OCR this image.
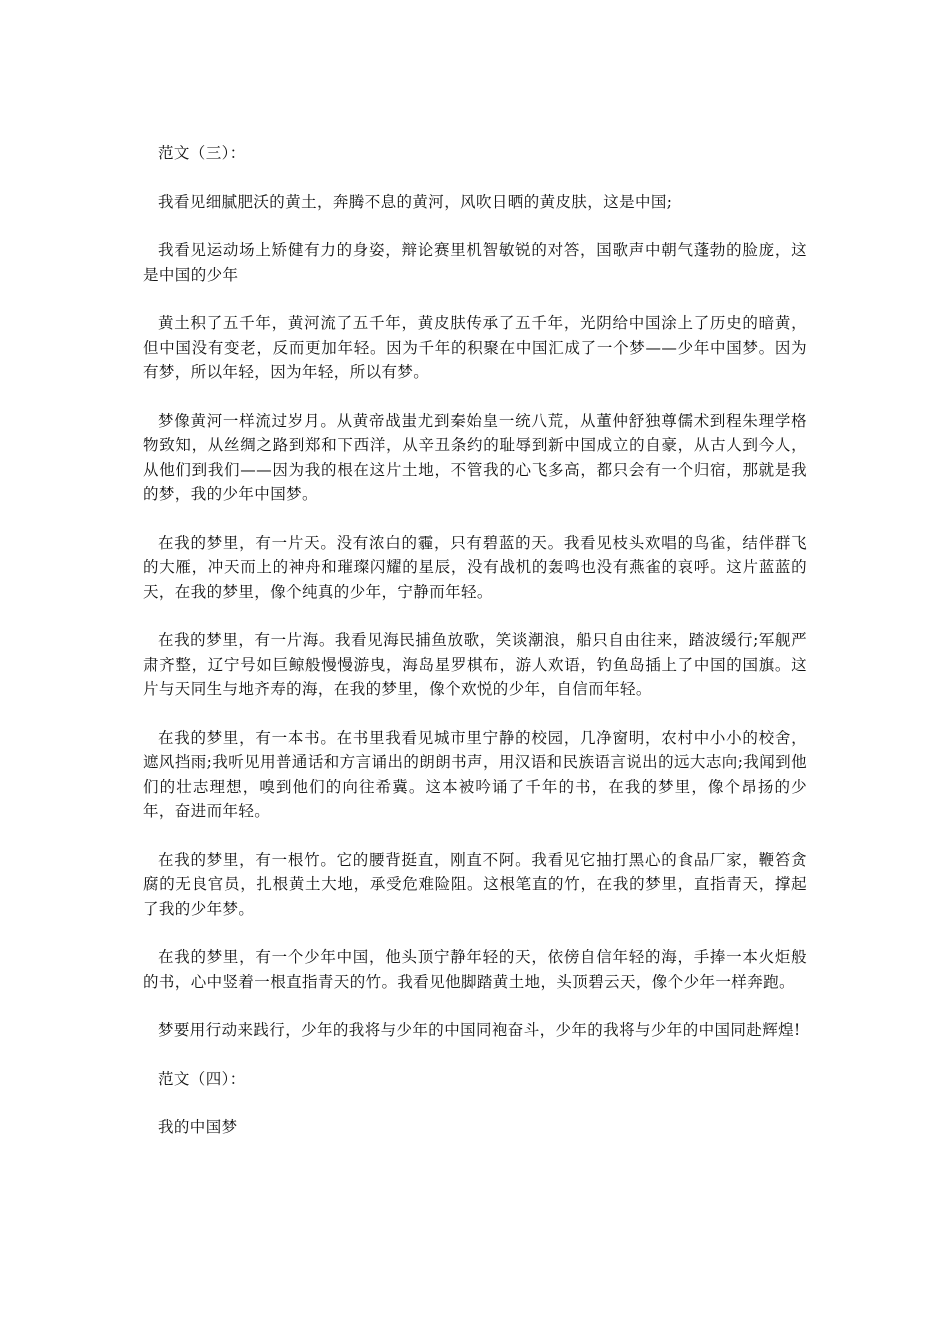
范文（三）：

我看见细腻肥沃的黄土，奔腾不息的黄河，风吹日晒的黄皮肤，这是中国;

我看见运动场上矫健有力的身姿，辩论赛里机智敏锐的对答，国歌声中朝气蓬勃的脸庞，这是中国的少年

黄土积了五千年，黄河流了五千年，黄皮肤传承了五千年，光阴给中国涂上了历史的暗黄，但中国没有变老，反而更加年轻。因为千年的积聚在中国汇成了一个梦——少年中国梦。因为有梦，所以年轻，因为年轻，所以有梦。

梦像黄河一样流过岁月。从黄帝战蚩尤到秦始皇一统八荒，从董仲舒独尊儒术到程朱理学格物致知，从丝绸之路到郑和下西洋，从辛丑条约的耻辱到新中国成立的自豪，从古人到今人，从他们到我们——因为我的根在这片土地，不管我的心飞多高，都只会有一个归宿，那就是我的梦，我的少年中国梦。

在我的梦里，有一片天。没有浓白的霾，只有碧蓝的天。我看见枝头欢唱的鸟雀，结伴群飞的大雁，冲天而上的神舟和璀璨闪耀的星辰，没有战机的轰鸣也没有燕雀的哀呼。这片蓝蓝的天，在我的梦里，像个纯真的少年，宁静而年轻。

在我的梦里，有一片海。我看见海民捕鱼放歌，笑谈潮浪，船只自由往来，踏波缓行;军舰严肃齐整，辽宁号如巨鲸般慢慢游曳，海岛星罗棋布，游人欢语，钓鱼岛插上了中国的国旗。这片与天同生与地齐寿的海，在我的梦里，像个欢悦的少年，自信而年轻。

在我的梦里，有一本书。在书里我看见城市里宁静的校园，几净窗明，农村中小小的校舍，遮风挡雨;我听见用普通话和方言诵出的朗朗书声，用汉语和民族语言说出的远大志向;我闻到他们的壮志理想，嗅到他们的向往希冀。这本被吟诵了千年的书，在我的梦里，像个昂扬的少年，奋进而年轻。

在我的梦里，有一根竹。它的腰背挺直，刚直不阿。我看见它抽打黑心的食品厂家，鞭笞贪腐的无良官员，扎根黄土大地，承受危难险阻。这根笔直的竹，在我的梦里，直指青天，撑起了我的少年梦。

在我的梦里，有一个少年中国，他头顶宁静年轻的天，依傍自信年轻的海，手捧一本火炬般的书，心中竖着一根直指青天的竹。我看见他脚踏黄土地，头顶碧云天，像个少年一样奔跑。

梦要用行动来践行，少年的我将与少年的中国同袍奋斗，少年的我将与少年的中国同赴辉煌!

范文（四）：

我的中国梦
